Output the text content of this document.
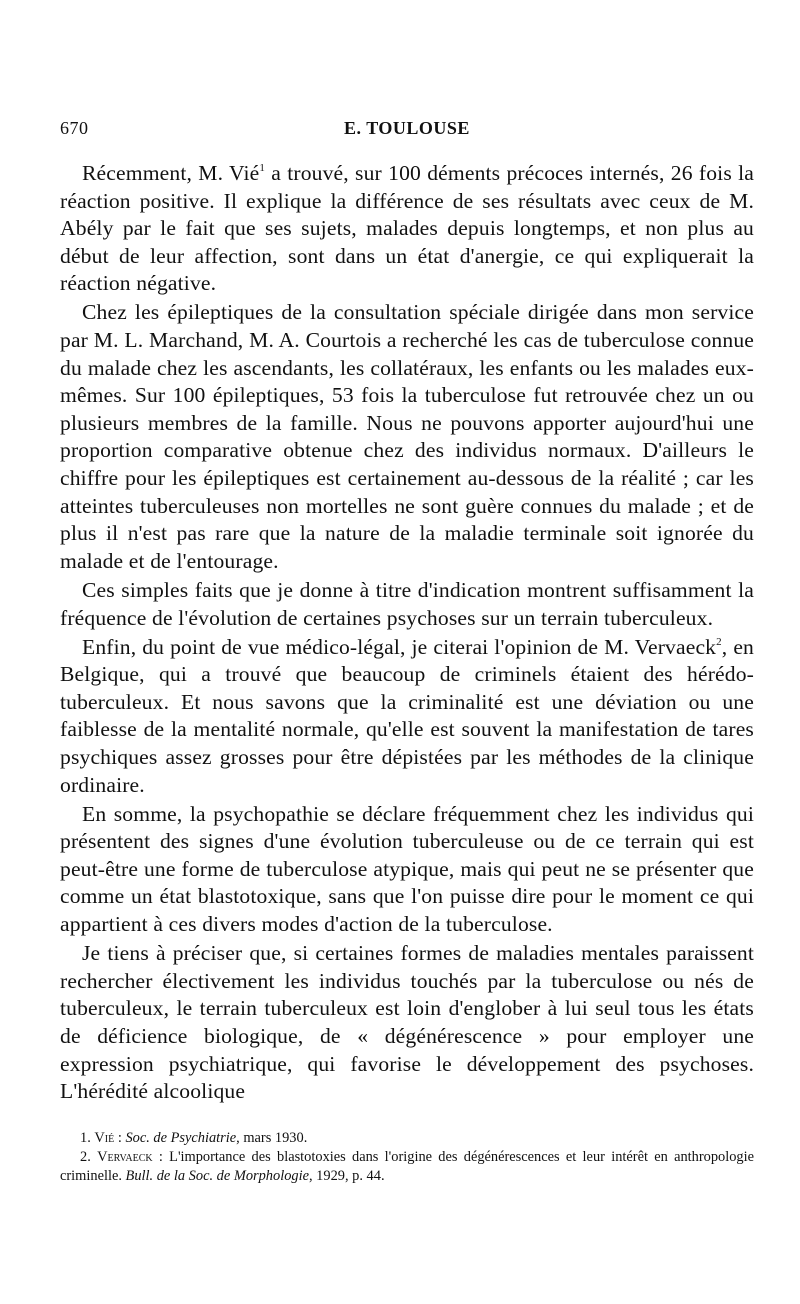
670	E. TOULOUSE

Récemment, M. Vié$^1$ a trouvé, sur 100 déments précoces internés, 26 fois la réaction positive. Il explique la différence de ses résultats avec ceux de M. Abély par le fait que ses sujets, malades depuis longtemps, et non plus au début de leur affection, sont dans un état d'anergie, ce qui expliquerait la réaction négative.

Chez les épileptiques de la consultation spéciale dirigée dans mon service par M. L. Marchand, M. A. Courtois a recherché les cas de tuberculose connue du malade chez les ascendants, les collatéraux, les enfants ou les malades eux-mêmes. Sur 100 épileptiques, 53 fois la tuberculose fut retrouvée chez un ou plusieurs membres de la famille. Nous ne pouvons apporter aujourd'hui une proportion comparative obtenue chez des individus normaux. D'ailleurs le chiffre pour les épileptiques est certainement au-dessous de la réalité ; car les atteintes tuberculeuses non mortelles ne sont guère connues du malade ; et de plus il n'est pas rare que la nature de la maladie terminale soit ignorée du malade et de l'entourage.

Ces simples faits que je donne à titre d'indication montrent suffisamment la fréquence de l'évolution de certaines psychoses sur un terrain tuberculeux.

Enfin, du point de vue médico-légal, je citerai l'opinion de M. Vervaeck$^2$, en Belgique, qui a trouvé que beaucoup de criminels étaient des hérédo-tuberculeux. Et nous savons que la criminalité est une déviation ou une faiblesse de la mentalité normale, qu'elle est souvent la manifestation de tares psychiques assez grosses pour être dépistées par les méthodes de la clinique ordinaire.

En somme, la psychopathie se déclare fréquemment chez les individus qui présentent des signes d'une évolution tuberculeuse ou de ce terrain qui est peut-être une forme de tuberculose atypique, mais qui peut ne se présenter que comme un état blastotoxique, sans que l'on puisse dire pour le moment ce qui appartient à ces divers modes d'action de la tuberculose.

Je tiens à préciser que, si certaines formes de maladies mentales paraissent rechercher électivement les individus touchés par la tuberculose ou nés de tuberculeux, le terrain tuberculeux est loin d'englober à lui seul tous les états de déficience biologique, de « dégénérescence » pour employer une expression psychiatrique, qui favorise le développement des psychoses. L'hérédité alcoolique

1. Vié : Soc. de Psychiatrie, mars 1930.

2. Vervaeck : L'importance des blastotoxies dans l'origine des dégénérescences et leur intérêt en anthropologie criminelle. Bull. de la Soc. de Morphologie, 1929, p. 44.
